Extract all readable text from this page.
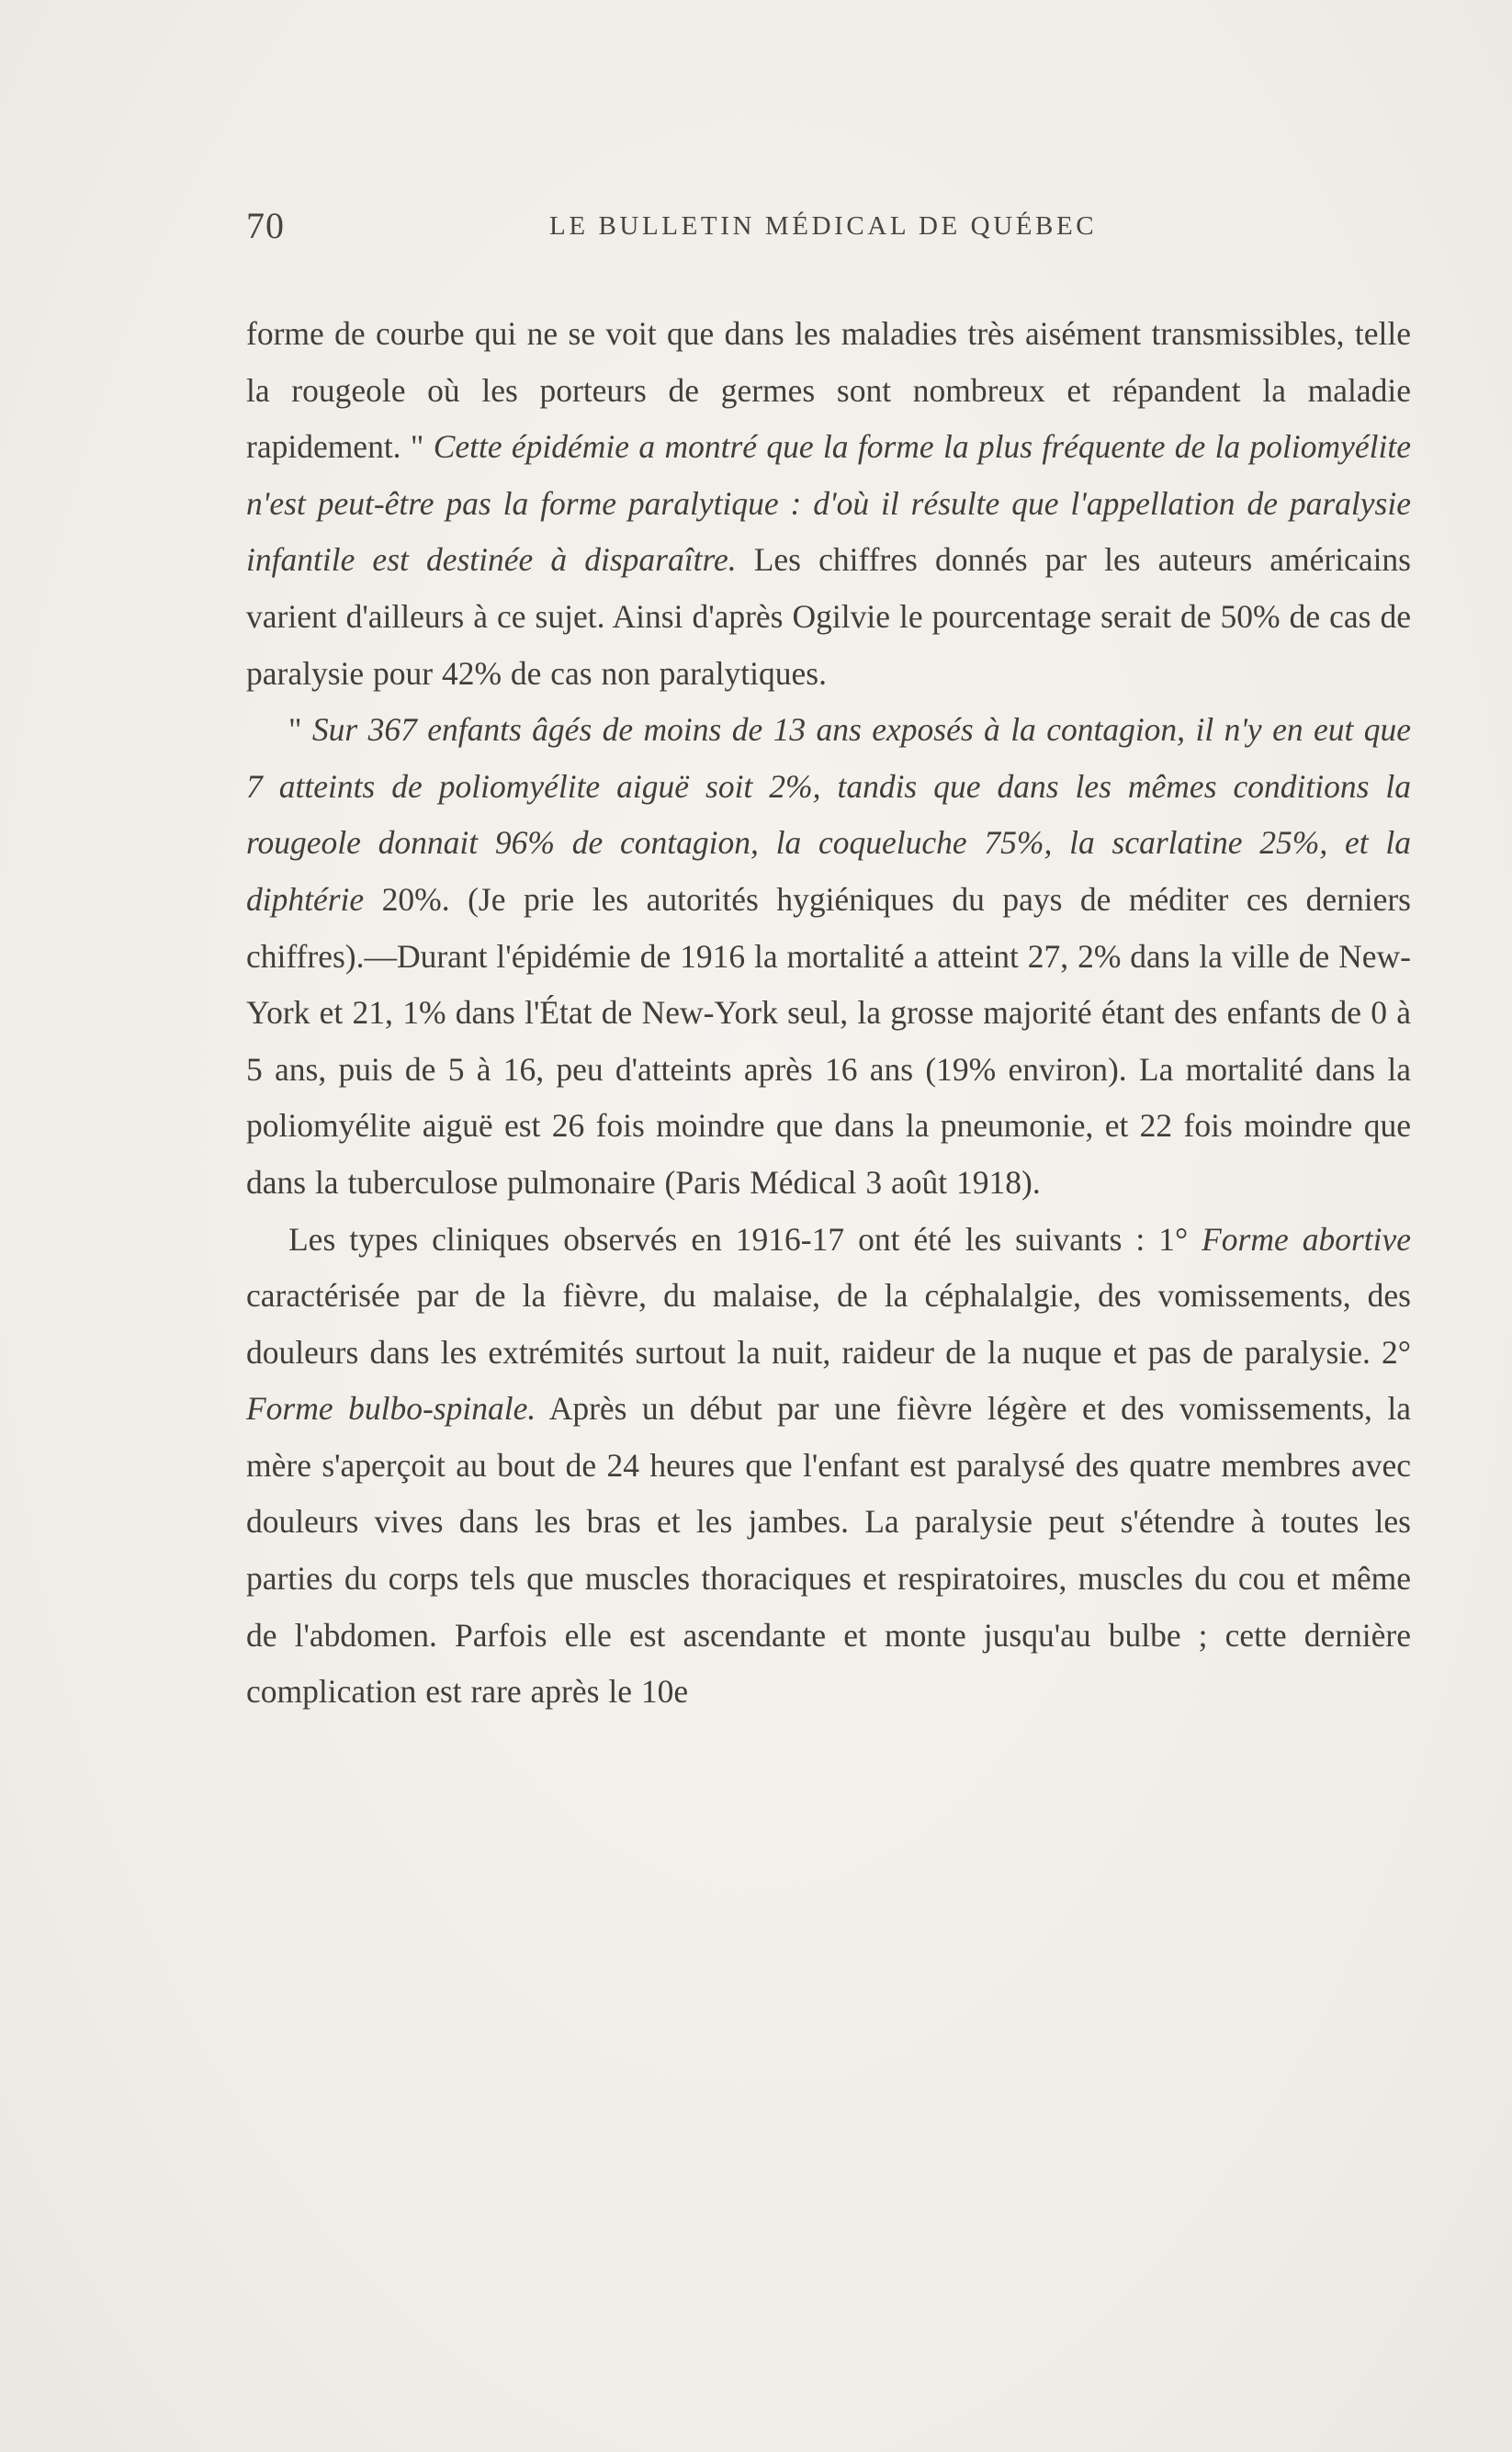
70	LE BULLETIN MÉDICAL DE QUÉBEC

forme de courbe qui ne se voit que dans les maladies très aisément transmissibles, telle la rougeole où les porteurs de germes sont nombreux et répandent la maladie rapidement. " Cette épidémie a montré que la forme la plus fréquente de la poliomyélite n'est peut-être pas la forme paralytique : d'où il résulte que l'appellation de paralysie infantile est destinée à disparaître. Les chiffres donnés par les auteurs américains varient d'ailleurs à ce sujet. Ainsi d'après Ogilvie le pourcentage serait de 50% de cas de paralysie pour 42% de cas non paralytiques.

" Sur 367 enfants âgés de moins de 13 ans exposés à la contagion, il n'y en eut que 7 atteints de poliomyélite aiguë soit 2%, tandis que dans les mêmes conditions la rougeole donnait 96% de contagion, la coqueluche 75%, la scarlatine 25%, et la diphtérie 20%. (Je prie les autorités hygiéniques du pays de méditer ces derniers chiffres).—Durant l'épidémie de 1916 la mortalité a atteint 27, 2% dans la ville de New-York et 21, 1% dans l'État de New-York seul, la grosse majorité étant des enfants de 0 à 5 ans, puis de 5 à 16, peu d'atteints après 16 ans (19% environ). La mortalité dans la poliomyélite aiguë est 26 fois moindre que dans la pneumonie, et 22 fois moindre que dans la tuberculose pulmonaire (Paris Médical 3 août 1918).

Les types cliniques observés en 1916-17 ont été les suivants : 1° Forme abortive caractérisée par de la fièvre, du malaise, de la céphalalgie, des vomissements, des douleurs dans les extrémités surtout la nuit, raideur de la nuque et pas de paralysie. 2° Forme bulbo-spinale. Après un début par une fièvre légère et des vomissements, la mère s'aperçoit au bout de 24 heures que l'enfant est paralysé des quatre membres avec douleurs vives dans les bras et les jambes. La paralysie peut s'étendre à toutes les parties du corps tels que muscles thoraciques et respiratoires, muscles du cou et même de l'abdomen. Parfois elle est ascendante et monte jusqu'au bulbe ; cette dernière complication est rare après le 10e
